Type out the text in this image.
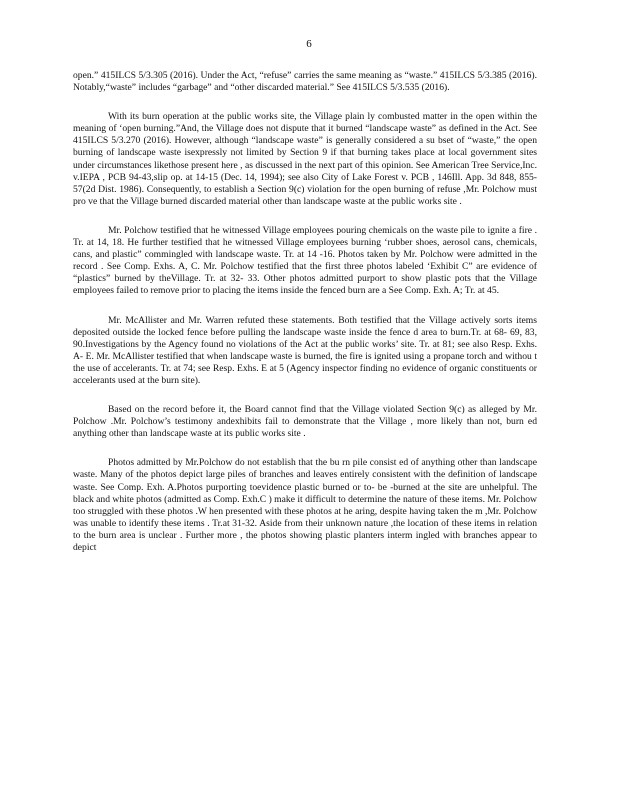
6

open.” 415ILCS 5/3.305 (2016). Under the Act, “refuse” carries the same meaning as “waste.” 415ILCS 5/3.385 (2016). Notably,“waste” includes “garbage” and “other discarded material.” See 415ILCS 5/3.535 (2016).

With its burn operation at the public works site, the Village plain ly combusted matter in the open within the meaning of ‘open burning.”And, the Village does not dispute that it burned “landscape waste” as defined in the Act. See 415ILCS 5/3.270 (2016). However, although “landscape waste” is generally considered a su bset of “waste,” the open burning of landscape waste isexpressly not limited by Section 9 if that burning takes place at local government sites under circumstances likethose present here , as discussed in the next part of this opinion. See American Tree Service,Inc. v.IEPA , PCB 94-43,slip op. at 14-15 (Dec. 14, 1994); see also City of Lake Forest v. PCB , 146Ill. App. 3d 848, 855-57(2d Dist. 1986). Consequently, to establish a Section 9(c) violation for the open burning of refuse ,Mr. Polchow must pro ve that the Village burned discarded material other than landscape waste at the public works site .

Mr. Polchow testified that he witnessed Village employees pouring chemicals on the waste pile to ignite a fire . Tr. at 14, 18. He further testified that he witnessed Village employees burning ‘rubber shoes, aerosol cans, chemicals, cans, and plastic” commingled with landscape waste. Tr. at 14 -16. Photos taken by Mr. Polchow were admitted in the record . See Comp. Exhs. A, C. Mr. Polchow testified that the first three photos labeled ‘Exhibit C” are evidence of “plastics” burned by theVillage. Tr. at 32- 33. Other photos admitted purport to show plastic pots that the Village employees failed to remove prior to placing the items inside the fenced burn are a See Comp. Exh. A; Tr. at 45.

Mr. McAllister and Mr. Warren refuted these statements. Both testified that the Village actively sorts items deposited outside the locked fence before pulling the landscape waste inside the fence d area to burn.Tr. at 68- 69, 83, 90.Investigations by the Agency found no violations of the Act at the public works’ site. Tr. at 81; see also Resp. Exhs. A- E. Mr. McAllister testified that when landscape waste is burned, the fire is ignited using a propane torch and withou t the use of accelerants. Tr. at 74; see Resp. Exhs. E at 5 (Agency inspector finding no evidence of organic constituents or accelerants used at the burn site).

Based on the record before it, the Board cannot find that the Village violated Section 9(c) as alleged by Mr. Polchow .Mr. Polchow’s testimony andexhibits fail to demonstrate that the Village , more likely than not, burn ed anything other than landscape waste at its public works site .

Photos admitted by Mr.Polchow do not establish that the bu rn pile consist ed of anything other than landscape waste. Many of the photos depict large piles of branches and leaves entirely consistent with the definition of landscape waste. See Comp. Exh. A.Photos purporting toevidence plastic burned or to- be -burned at the site are unhelpful. The black and white photos (admitted as Comp. Exh.C ) make it difficult to determine the nature of these items. Mr. Polchow too struggled with these photos .W hen presented with these photos at he aring, despite having taken the m ,Mr. Polchow was unable to identify these items . Tr.at 31-32. Aside from their unknown nature ,the location of these items in relation to the burn area is unclear . Further more , the photos showing plastic planters interm ingled with branches appear to depict
